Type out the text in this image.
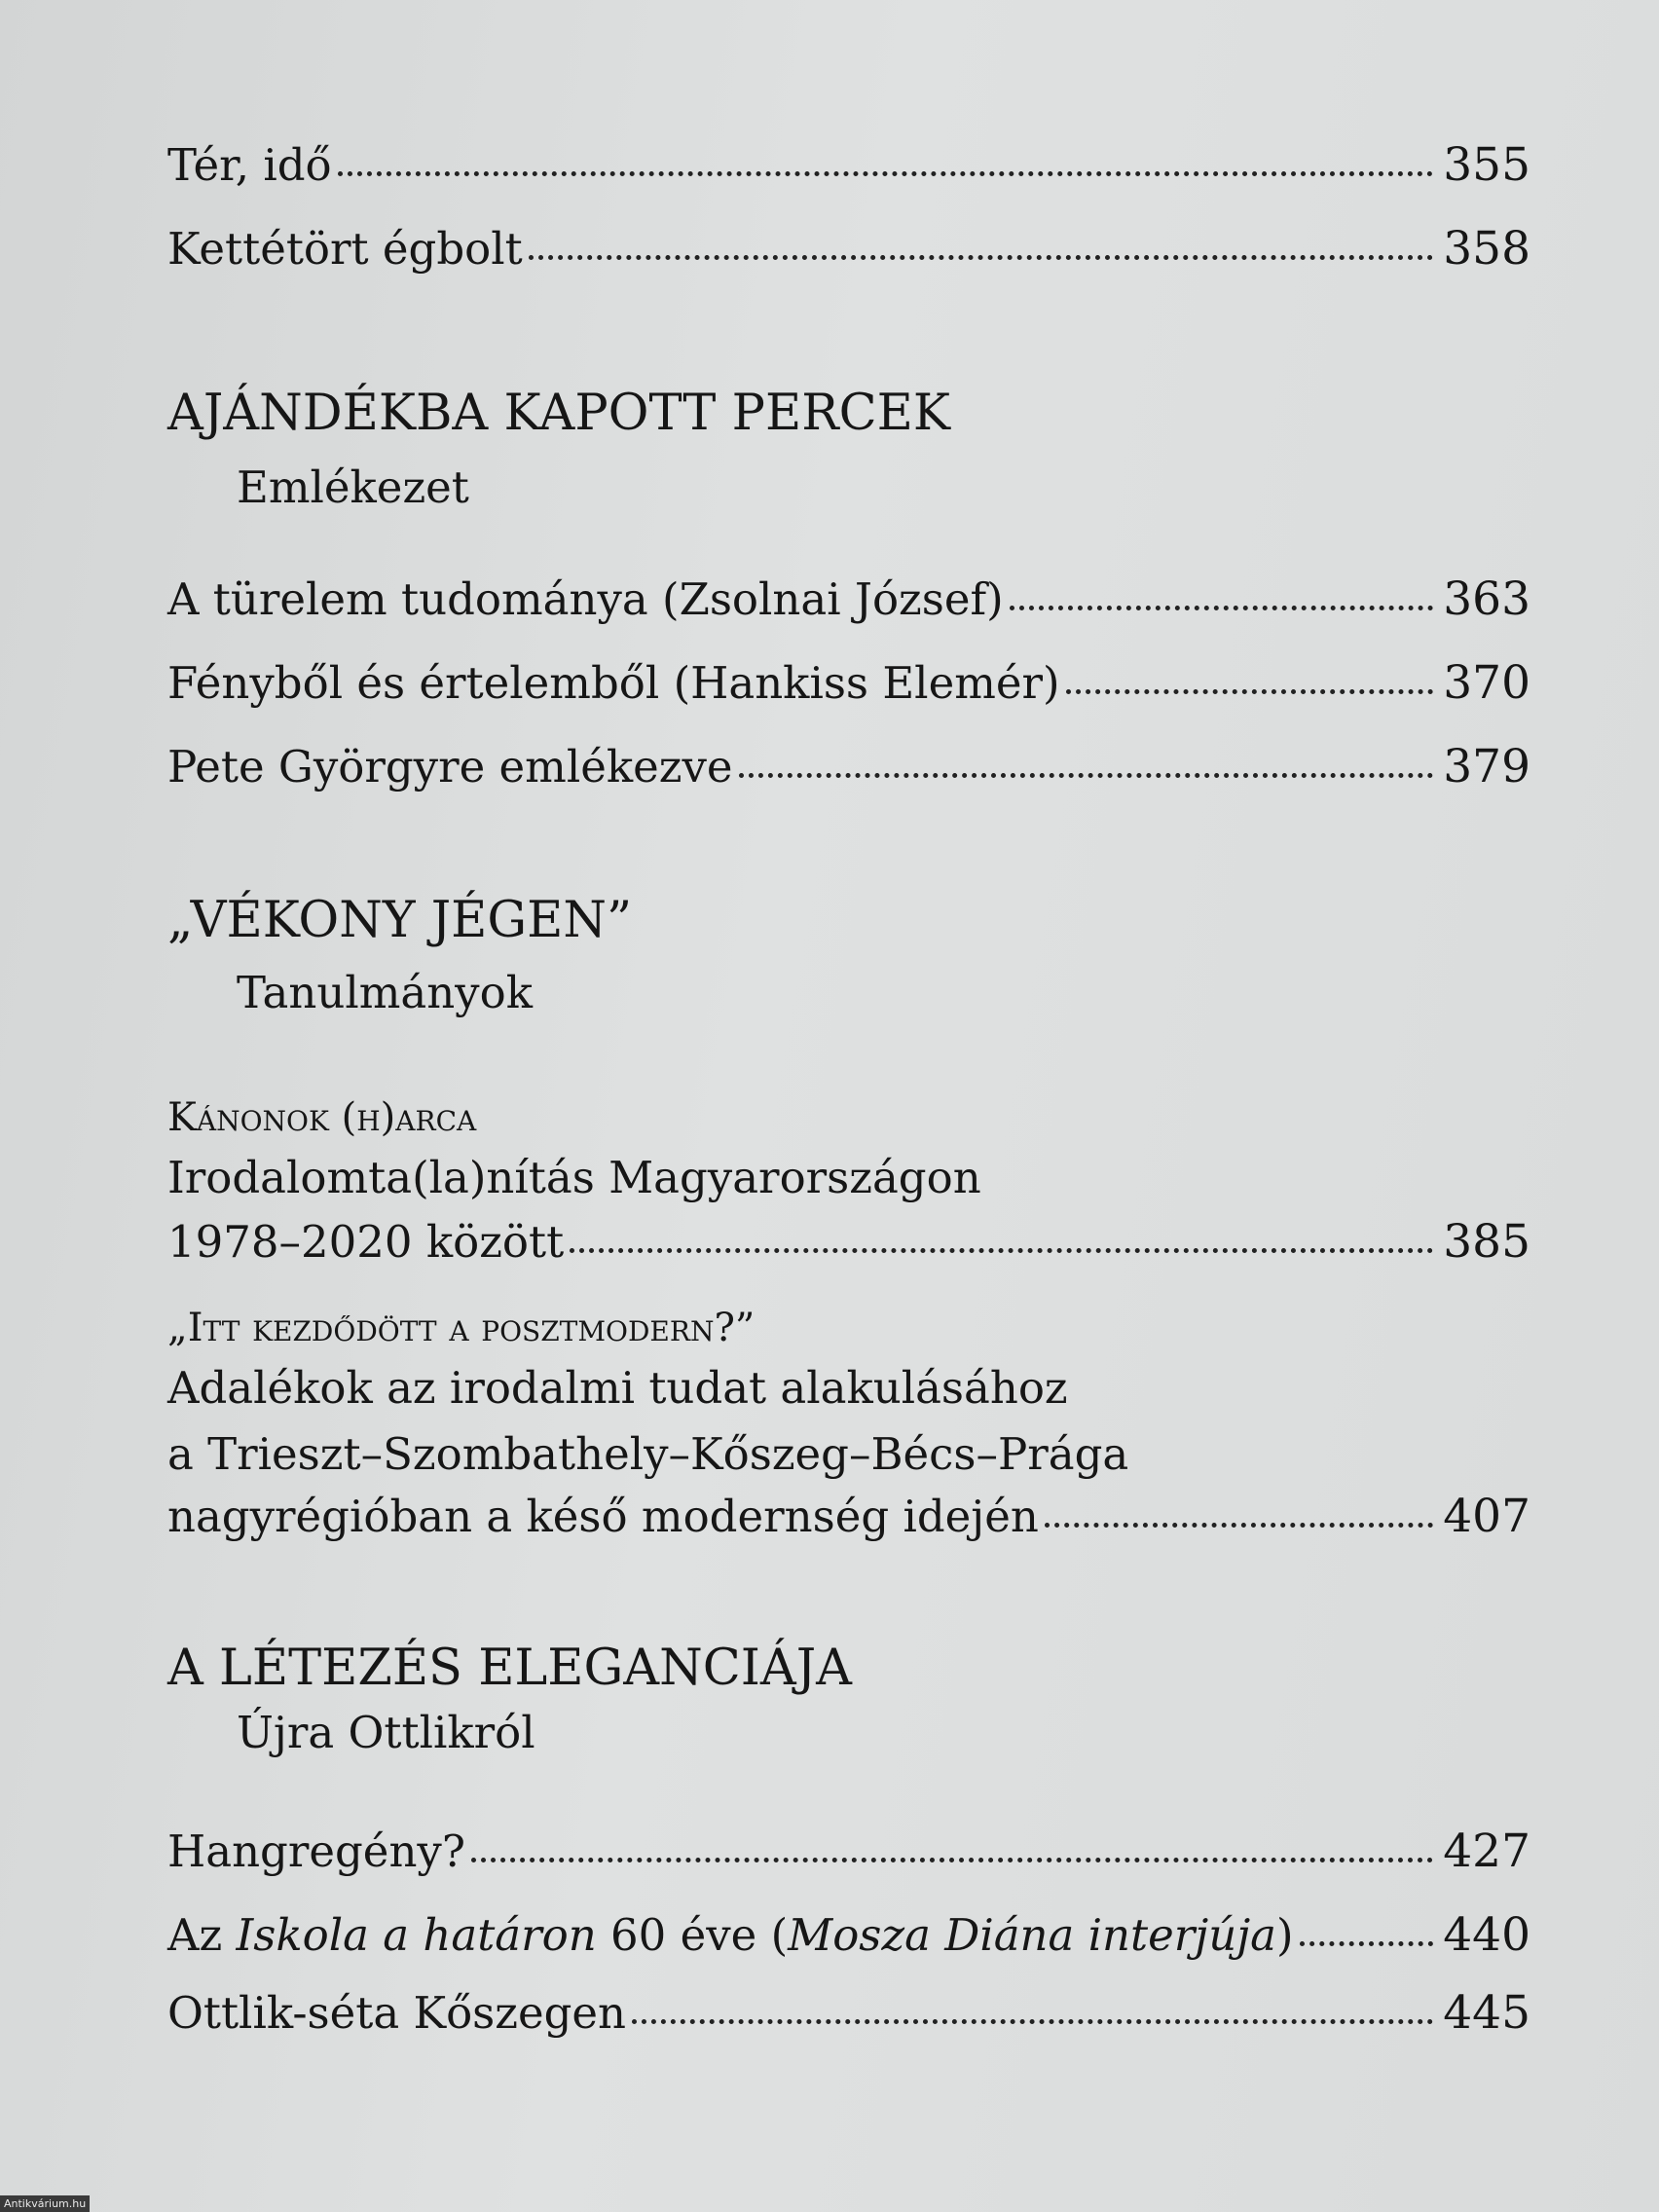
Tér, idő	355
Kettétört égbolt	358
AJÁNDÉKBA KAPOTT PERCEK
Emlékezet
A türelem tudománya (Zsolnai József)	363
Fényből és értelemből (Hankiss Elemér)	370
Pete Györgyre emlékezve	379
„VÉKONY JÉGEN”
Tanulmányok
Kánonok (h)arca
Irodalomta(la)nítás Magyarországon
1978–2020 között	385
„Itt kezdődött a posztmodern?”
Adalékok az irodalmi tudat alakulásához
a Trieszt–Szombathely–Kőszeg–Bécs–Prága
nagyrégióban a késő modernség idején	407
A LÉTEZÉS ELEGANCIÁJA
Újra Ottlikról
Hangregény?	427
Az Iskola a határon 60 éve (Mosza Diána interjúja)	440
Ottlik-séta Kőszegen	445
Antikvárium.hu
